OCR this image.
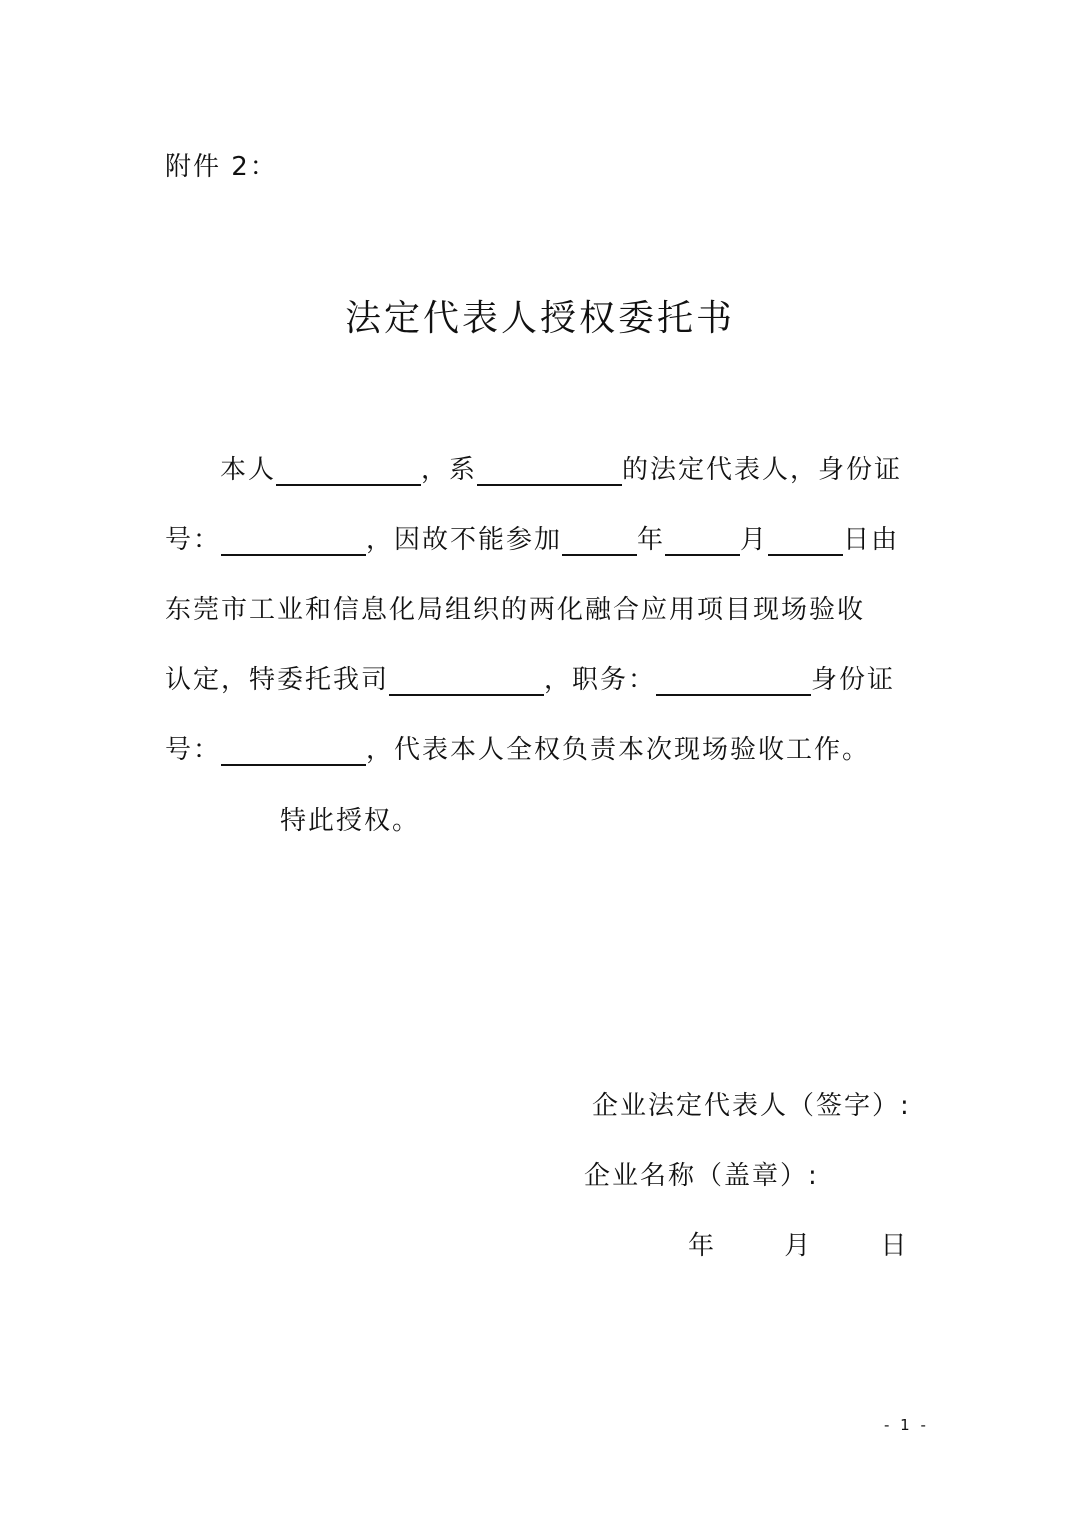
附件 2：
法定代表人授权委托书
本人	，系	的法定代表人，身份证
号：	，因故不能参加	年	月	日由
东莞市工业和信息化局组织的两化融合应用项目现场验收
认定，特委托我司	，职务：	身份证
号：	，代表本人全权负责本次现场验收工作。
特此授权。
企业法定代表人（签字）:
企业名称（盖章）:
年	月	日
- 1 -
